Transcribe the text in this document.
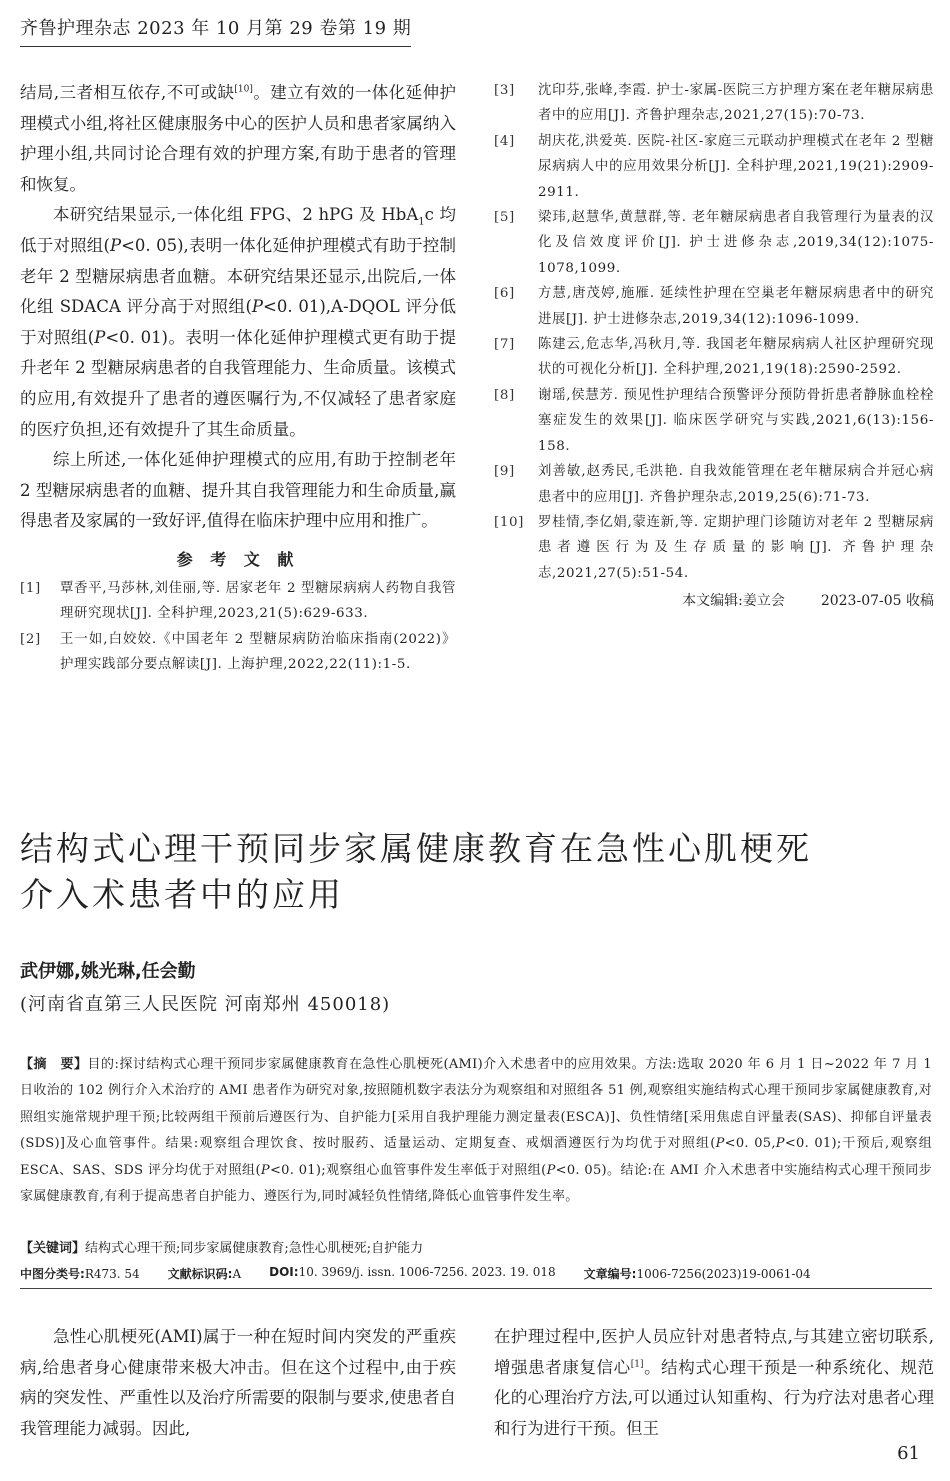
齐鲁护理杂志 2023 年 10 月第 29 卷第 19 期

结局,三者相互依存,不可或缺[10]。建立有效的一体化延伸护理模式小组,将社区健康服务中心的医护人员和患者家属纳入护理小组,共同讨论合理有效的护理方案,有助于患者的管理和恢复。

本研究结果显示,一体化组 FPG、2 hPG 及 HbA$_1$c 均低于对照组(P<0. 05),表明一体化延伸护理模式有助于控制老年 2 型糖尿病患者血糖。本研究结果还显示,出院后,一体化组 SDACA 评分高于对照组(P<0. 01),A-DQOL 评分低于对照组(P<0. 01)。表明一体化延伸护理模式更有助于提升老年 2 型糖尿病患者的自我管理能力、生命质量。该模式的应用,有效提升了患者的遵医嘱行为,不仅减轻了患者家庭的医疗负担,还有效提升了其生命质量。

综上所述,一体化延伸护理模式的应用,有助于控制老年 2 型糖尿病患者的血糖、提升其自我管理能力和生命质量,赢得患者及家属的一致好评,值得在临床护理中应用和推广。

参 考 文 献
[1]	覃香平,马莎林,刘佳丽,等. 居家老年 2 型糖尿病病人药物自我管理研究现状[J]. 全科护理,2023,21(5):629-633.
[2]	王一如,白姣姣.《中国老年 2 型糖尿病防治临床指南(2022)》护理实践部分要点解读[J]. 上海护理,2022,22(11):1-5.
[3]	沈印芬,张峰,李霞. 护士-家属-医院三方护理方案在老年糖尿病患者中的应用[J]. 齐鲁护理杂志,2021,27(15):70-73.
[4]	胡庆花,洪爱英. 医院-社区-家庭三元联动护理模式在老年 2 型糖尿病病人中的应用效果分析[J]. 全科护理,2021,19(21):2909-2911.
[5]	梁玮,赵慧华,黄慧群,等. 老年糖尿病患者自我管理行为量表的汉化及信效度评价[J]. 护士进修杂志,2019,34(12):1075-1078,1099.
[6]	方慧,唐茂婷,施雁. 延续性护理在空巢老年糖尿病患者中的研究进展[J]. 护士进修杂志,2019,34(12):1096-1099.
[7]	陈建云,危志华,冯秋月,等. 我国老年糖尿病病人社区护理研究现状的可视化分析[J]. 全科护理,2021,19(18):2590-2592.
[8]	谢瑶,侯慧芳. 预见性护理结合预警评分预防骨折患者静脉血栓栓塞症发生的效果[J]. 临床医学研究与实践,2021,6(13):156-158.
[9]	刘善敏,赵秀民,毛洪艳. 自我效能管理在老年糖尿病合并冠心病患者中的应用[J]. 齐鲁护理杂志,2019,25(6):71-73.
[10]	罗桂情,李亿娟,蒙连新,等. 定期护理门诊随访对老年 2 型糖尿病患者遵医行为及生存质量的影响[J]. 齐鲁护理杂志,2021,27(5):51-54.
本文编辑:姜立会	2023-07-05 收稿
结构式心理干预同步家属健康教育在急性心肌梗死
介入术患者中的应用
武伊娜,姚光琳,任会勤
(河南省直第三人民医院 河南郑州 450018)
【摘　要】目的:探讨结构式心理干预同步家属健康教育在急性心肌梗死(AMI)介入术患者中的应用效果。方法:选取 2020 年 6 月 1 日~2022 年 7 月 1 日收治的 102 例行介入术治疗的 AMI 患者作为研究对象,按照随机数字表法分为观察组和对照组各 51 例,观察组实施结构式心理干预同步家属健康教育,对照组实施常规护理干预;比较两组干预前后遵医行为、自护能力[采用自我护理能力测定量表(ESCA)]、负性情绪[采用焦虑自评量表(SAS)、抑郁自评量表(SDS)]及心血管事件。结果:观察组合理饮食、按时服药、适量运动、定期复查、戒烟酒遵医行为均优于对照组(P<0. 05,P<0. 01);干预后,观察组 ESCA、SAS、SDS 评分均优于对照组(P<0. 01);观察组心血管事件发生率低于对照组(P<0. 05)。结论:在 AMI 介入术患者中实施结构式心理干预同步家属健康教育,有利于提高患者自护能力、遵医行为,同时减轻负性情绪,降低心血管事件发生率。
【关键词】结构式心理干预;同步家属健康教育;急性心肌梗死;自护能力
中图分类号:R473. 54 文献标识码:A DOI:10. 3969/j. issn. 1006-7256. 2023. 19. 018 文章编号:1006-7256(2023)19-0061-04

急性心肌梗死(AMI)属于一种在短时间内突发的严重疾病,给患者身心健康带来极大冲击。但在这个过程中,由于疾病的突发性、严重性以及治疗所需要的限制与要求,使患者自我管理能力减弱。因此,

在护理过程中,医护人员应针对患者特点,与其建立密切联系,增强患者康复信心[1]。结构式心理干预是一种系统化、规范化的心理治疗方法,可以通过认知重构、行为疗法对患者心理和行为进行干预。但王

61
